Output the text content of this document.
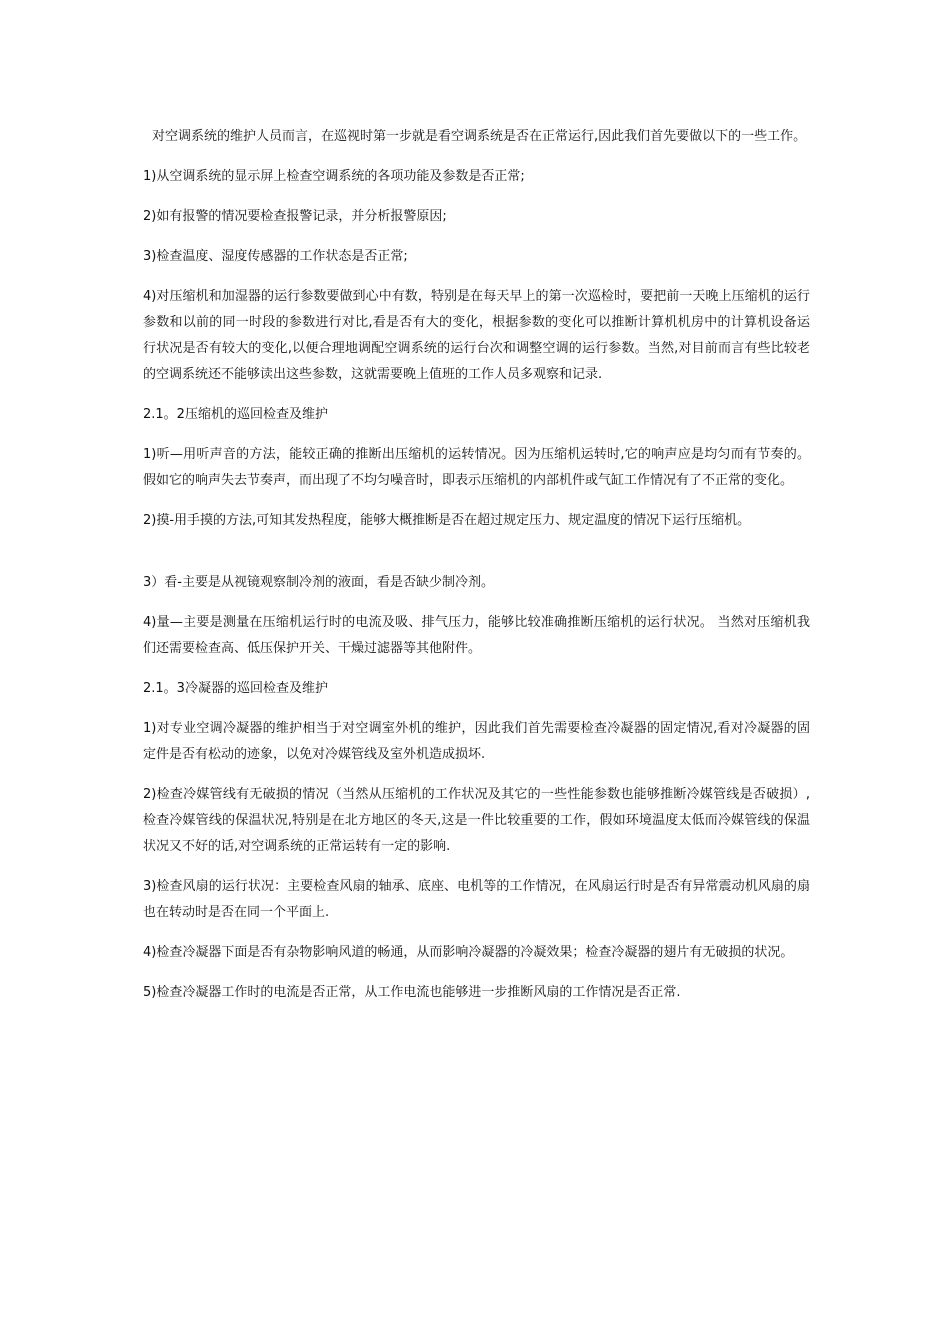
对空调系统的维护人员而言，在巡视时第一步就是看空调系统是否在正常运行,因此我们首先要做以下的一些工作。

1)从空调系统的显示屏上检查空调系统的各项功能及参数是否正常;

2)如有报警的情况要检查报警记录，并分析报警原因;

3)检查温度、湿度传感器的工作状态是否正常;

4)对压缩机和加湿器的运行参数要做到心中有数，特别是在每天早上的第一次巡检时，要把前一天晚上压缩机的运行参数和以前的同一时段的参数进行对比,看是否有大的变化，根据参数的变化可以推断计算机机房中的计算机设备运行状况是否有较大的变化,以便合理地调配空调系统的运行台次和调整空调的运行参数。当然,对目前而言有些比较老的空调系统还不能够读出这些参数，这就需要晚上值班的工作人员多观察和记录.

2.1。2压缩机的巡回检查及维护

1)听—用听声音的方法，能较正确的推断出压缩机的运转情况。因为压缩机运转时,它的响声应是均匀而有节奏的。假如它的响声失去节奏声，而出现了不均匀噪音时，即表示压缩机的内部机件或气缸工作情况有了不正常的变化。

2)摸-用手摸的方法,可知其发热程度，能够大概推断是否在超过规定压力、规定温度的情况下运行压缩机。

3）看-主要是从视镜观察制冷剂的液面，看是否缺少制冷剂。

4)量—主要是测量在压缩机运行时的电流及吸、排气压力，能够比较准确推断压缩机的运行状况。 当然对压缩机我们还需要检查高、低压保护开关、干燥过滤器等其他附件。

2.1。3冷凝器的巡回检查及维护

1)对专业空调冷凝器的维护相当于对空调室外机的维护，因此我们首先需要检查冷凝器的固定情况,看对冷凝器的固定件是否有松动的迹象，以免对冷媒管线及室外机造成损坏.

2)检查冷媒管线有无破损的情况（当然从压缩机的工作状况及其它的一些性能参数也能够推断冷媒管线是否破损）,检查冷媒管线的保温状况,特别是在北方地区的冬天,这是一件比较重要的工作，假如环境温度太低而冷媒管线的保温状况又不好的话,对空调系统的正常运转有一定的影响.

3)检查风扇的运行状况：主要检查风扇的轴承、底座、电机等的工作情况，在风扇运行时是否有异常震动机风扇的扇也在转动时是否在同一个平面上.

4)检查冷凝器下面是否有杂物影响风道的畅通，从而影响冷凝器的冷凝效果；检查冷凝器的翅片有无破损的状况。

5)检查冷凝器工作时的电流是否正常，从工作电流也能够进一步推断风扇的工作情况是否正常.
